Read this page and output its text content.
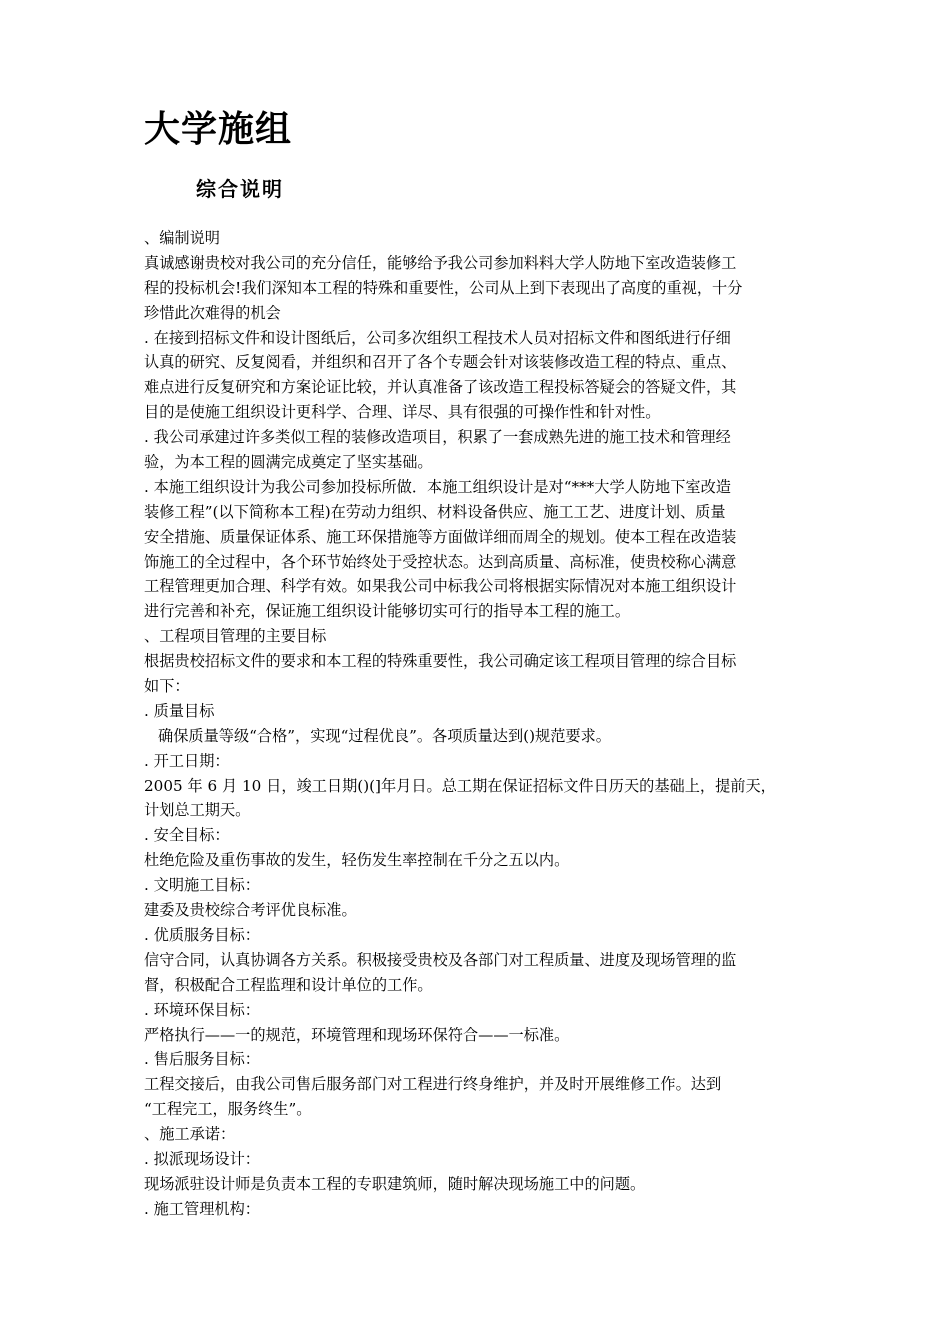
大学施组
综合说明
、编制说明
真诚感谢贵校对我公司的充分信任，能够给予我公司参加料料大学人防地下室改造装修工
程的投标机会!我们深知本工程的特殊和重要性，公司从上到下表现出了高度的重视，十分
珍惜此次难得的机会
. 在接到招标文件和设计图纸后，公司多次组织工程技术人员对招标文件和图纸进行仔细
认真的研究、反复阅看，并组织和召开了各个专题会针对该装修改造工程的特点、重点、
难点进行反复研究和方案论证比较，并认真准备了该改造工程投标答疑会的答疑文件，其
目的是使施工组织设计更科学、合理、详尽、具有很强的可操作性和针对性。
. 我公司承建过许多类似工程的装修改造项目，积累了一套成熟先进的施工技术和管理经
验，为本工程的圆满完成奠定了坚实基础。
. 本施工组织设计为我公司参加投标所做．本施工组织设计是对“***大学人防地下室改造
装修工程”(以下简称本工程)在劳动力组织、材料设备供应、施工工艺、进度计划、质量
安全措施、质量保证体系、施工环保措施等方面做详细而周全的规划。使本工程在改造装
饰施工的全过程中，各个环节始终处于受控状态。达到高质量、高标准，使贵校称心满意
工程管理更加合理、科学有效。如果我公司中标我公司将根据实际情况对本施工组织设计
进行完善和补充，保证施工组织设计能够切实可行的指导本工程的施工。
、工程项目管理的主要目标
根据贵校招标文件的要求和本工程的特殊重要性，我公司确定该工程项目管理的综合目标
如下：
. 质量目标
确保质量等级“合格”，实现“过程优良”。各项质量达到()规范要求。
. 开工日期：
2005 年 6 月 10 日，竣工日期()(]年月日。总工期在保证招标文件日历天的基础上，提前天，
计划总工期天。
. 安全目标：
杜绝危险及重伤事故的发生，轻伤发生率控制在千分之五以内。
. 文明施工目标：
建委及贵校综合考评优良标准。
. 优质服务目标：
信守合同，认真协调各方关系。积极接受贵校及各部门对工程质量、进度及现场管理的监
督，积极配合工程监理和设计单位的工作。
. 环境环保目标：
严格执行——一的规范，环境管理和现场环保符合——一标准。
. 售后服务目标：
工程交接后，由我公司售后服务部门对工程进行终身维护，并及时开展维修工作。达到
“工程完工，服务终生”。
、施工承诺：
. 拟派现场设计：
现场派驻设计师是负责本工程的专职建筑师，随时解决现场施工中的问题。
. 施工管理机构：
